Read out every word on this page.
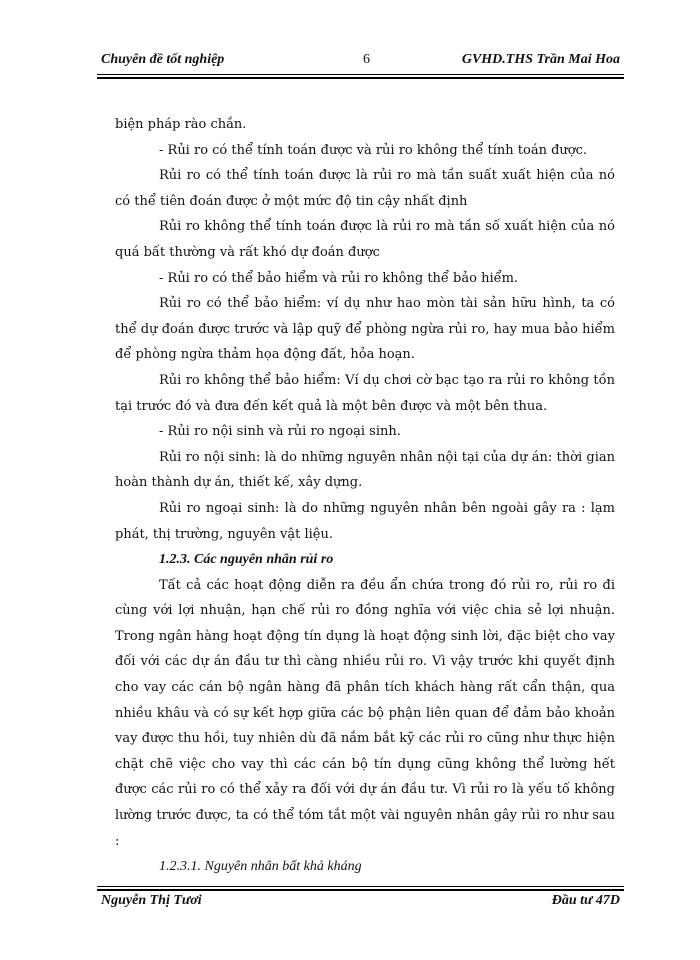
Chuyên đề tốt nghiệp	6	GVHD.THS Trần Mai Hoa

biện pháp rào chắn.

- Rủi ro có thể tính toán được và rủi ro không thể tính toán được.

Rủi ro có thể tính toán được là rủi ro mà tần suất xuất hiện của nó có thể tiên đoán được ở một mức độ tin cậy nhất định

Rủi ro không thể tính toán được là rủi ro mà tần số xuất hiện của nó quá bất thường và rất khó dự đoán được

- Rủi ro có thể bảo hiểm và rủi ro không thể bảo hiểm.

Rủi ro có thể bảo hiểm: ví dụ như hao mòn tài sản hữu hình, ta có thể dự đoán được trước và lập quỹ để phòng ngừa rủi ro, hay mua bảo hiểm để phòng ngừa thảm họa động đất, hỏa hoạn.

Rủi ro không thể bảo hiểm: Ví dụ chơi cờ bạc tạo ra rủi ro không tồn tại trước đó và đưa đến kết quả là một bên được và một bên thua.

- Rủi ro nội sinh và rủi ro ngoại sinh.

Rủi ro nội sinh: là do những nguyên nhân nội tại của dự án: thời gian hoàn thành dự án, thiết kế, xây dựng.

Rủi ro ngoại sinh: là do những nguyên nhân bên ngoài gây ra : lạm phát, thị trường, nguyên vật liệu.

1.2.3. Các nguyên nhân rủi ro

Tất cả các hoạt động diễn ra đều ẩn chứa trong đó rủi ro, rủi ro đi cùng với lợi nhuận, hạn chế rủi ro đồng nghĩa với việc chia sẻ lợi nhuận. Trong ngân hàng hoạt động tín dụng là hoạt động sinh lời, đặc biệt cho vay đối với các dự án đầu tư thì càng nhiều rủi ro. Vì vậy trước khi quyết định cho vay các cán bộ ngân hàng đã phân tích khách hàng rất cẩn thận, qua nhiều khâu và có sự kết hợp giữa các bộ phận liên quan để đảm bảo khoản vay được thu hồi, tuy nhiên dù đã nắm bắt kỹ các rủi ro cũng như thực hiện chặt chẽ việc cho vay thì các cán bộ tín dụng cũng không thể lường hết được các rủi ro có thể xảy ra đối với dự án đầu tư. Vì rủi ro là yếu tố không lường trước được, ta có thể tóm tắt một vài nguyên nhân gây rủi ro như sau :

1.2.3.1. Nguyên nhân bất khả kháng

Nguyễn Thị Tươi	Đầu tư 47D
